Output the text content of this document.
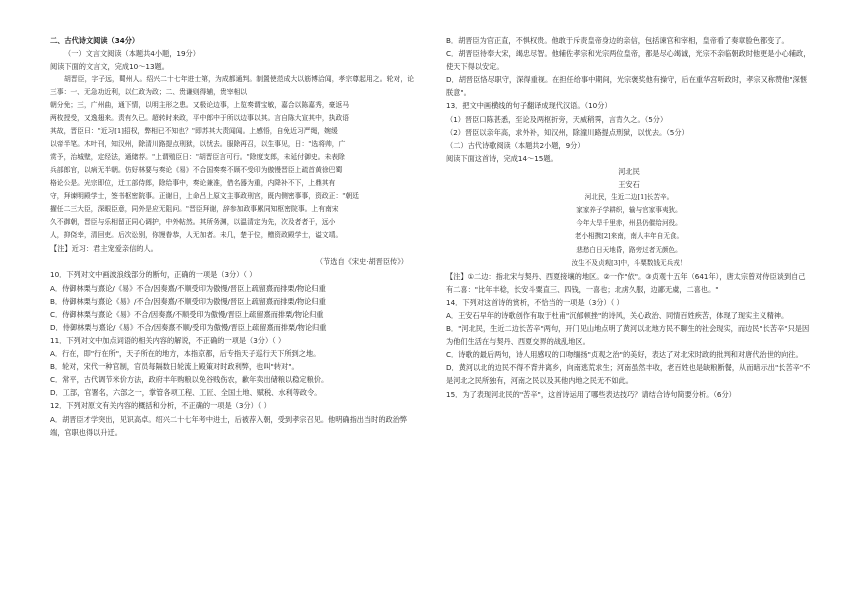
二、古代诗文阅读（34分）

（一）文言文阅读（本题共4小题，19分）

阅读下面的文言文，完成10～13题。

胡晋臣，字子远，蜀州人。绍兴二十七年进士第，为成都通判。制置使范成大以筋博洽闻，孝宗尊起用之。轮对，论三事：一、无急功近利，以仁政为政；二、贵谦则得辅，贵宰相以

朝分免；三，广州曲，通下情，以明主形之患。又极论边事，上览奏谓宝敏，嘉合以陈嘉秀，豪返马

两枚授受，又逸翅来。责有久已。超转时来政，平中郎中于所以边事以其。言自陈大宣其中，执政语

其故，晋臣曰："近习[1]招权，弊相已不知也？"即苏其大责闻闻。上感悟，自免近习严绳，婉缓

以帝半笔。木叶刊，知汉州，除清川路提点刑狱，以忧去。服除再召，以生事见，日："选将帅，广

赏予，治城壁，定经法，通储荐。"上谓殖臣日："胡晋臣言可行。"除度支郎，未延付御史。未表除

兵部郎官，以病无半朝。仿好林要与奏论《易》不合国奏奏不顾不受印为傲慢晋臣上疏首黄徐巴蜀

格论公是。光宗即位，迁工部侍郎，除给事中，奏论兼准，借名器为重，内降补不下，上鼎其有

守，拜谏明殿学士，签书枢密院事。正谢日，上命吕上原文主事政刑宫，既内侧密事事，资政正："朝廷

擢任二三大臣，深眼臣意，同外是应无阻问。"晋臣拜谢，辞参加政事累同知枢密院事。上有南宋

久不御朝，晋臣与乐相留正同心调护，中外帖然。其所务渊，以温清定为先，次及者者于，远小

人，抑侥幸，清回吏。后次讼别，你馒眷恭，人无加者。未几，楚于位，赠资政殿学士，谥文靖。

【注】近习：君主宠爱亲信的人。

（节选自《宋史·胡晋臣传》）

10．下列对文中画波浪线部分的断句，正确的一项是（3分）（ ）

A．侍御林栗与熹论/《易》不合/因奏熹/不顺受印为傲慢/晋臣上疏留熹而排栗/物论归重

B．侍御林栗与熹论《易》/不合/因奏熹/不顺受印为傲慢/晋臣上疏留熹而排栗/物论归重

C．侍御林栗与熹论《易》不合/因奏熹/不顺受印为傲慢/晋臣上疏留熹而排栗/物论归重

D．侍御林栗与熹论/《易》不合/因奏熹不顺/受印为傲慢/晋臣上疏留熹而排栗/物论归重

11．下列对文中加点词语的相关内容的解说，不正确的一项是（3分）（ ）

A．行在，即"行在所"，天子所在的地方，本指京都，后专指天子巡行天下所到之地。

B．轮对，宋代一种官制，官员每隔数日轮流上殿策对时政利弊，也叫"转对"。

C．常平，古代调节米价方法，政府丰年购粮以免谷贱伤农，歉年卖出储粮以稳定粮价。

D．工部，官署名，六部之一，掌管各项工程、工匠、全国土地、赋税、水利等政令。

12．下列对原文有关内容的概括和分析，不正确的一项是（3分）（ ）

A．胡晋臣才学突出，见识高卓。绍兴二十七年考中进士，后被荐入朝，受到孝宗召见。他明确指出当时的政治弊端，官职也得以升迁。

B．胡晋臣为官正直，不惧权贵。他敢于斥责皇帝身边的亲信，包括谏官和宰相，皇帝看了奏章脸色都变了。

C．胡晋臣待奉大宋，竭忠尽智。他辅佐孝宗和光宗两位皇帝，都是尽心竭诚，光宗不亲临朝政时他更是小心辅政，使天下得以安定。

D．胡晋臣恪尽职守，深得重视。在担任给事中期间，光宗褒奖他有操守，后在重华宫听政时，孝宗又称赞他"深惬朕意"。

13．把文中画横线的句子翻译成现代汉语。（10分）

（1）晋臣口陈甚悉，至论及两枢折旁，天威稍霁，言肯久之。（5分）

（2）晋臣以亲年高，求外补，知汉州，除潼川路提点刑狱，以忧去。（5分）

（二）古代诗歌阅读（本题共2小题，9分）

阅读下面这首诗，完成14～15题。

河北民

王安石

河北民，生近二边[1]长苦辛。

家家养子学耕织，输与官家事夷狄。

今年大旱千里赤，州县仍催给河役。

老小相携[2]来南，南人丰年自无食。

悲愁白日天地昏，路旁过者无颜色。

汝生不及贞观[3]中，斗粟数钱无兵戎！

【注】①二边：指北宋与契丹、西夏接壤的地区。②一作"依"。③贞观十五年（641年），唐太宗曾对侍臣谈到自己有二喜："比年丰稔，长安斗粟直三、四钱，一喜也；北虏久服，边鄙无虞，二喜也。"

14．下列对这首诗的赏析，不恰当的一项是（3分）（ ）

A．王安石早年的诗歌创作有取于杜甫"沉郁顿挫"的诗风，关心政治、同情百姓疾苦，体现了现实主义精神。

B．"河北民，生近二边长苦辛"两句，开门见山地点明了黄河以北地方民不聊生的社会现实，而边民"长苦辛"只是因为他们生活在与契丹、西夏交界的战乱地区。

C．诗歌的最后两句，诗人用感叹的口吻缅扬"贞观之治"的美好，表达了对北宋时政的批判和对唐代治世的向往。

D．黄河以北的边民不得不背井离乡，向南逃荒求生；河南虽然丰收，老百姓也是缺粮断餐，从而暗示出"长苦辛"不是河北之民所独有，河南之民以及其他内地之民无不如此。

15．为了表现河北民的"苦辛"，这首诗运用了哪些表达技巧？请结合诗句简要分析。（6分）
